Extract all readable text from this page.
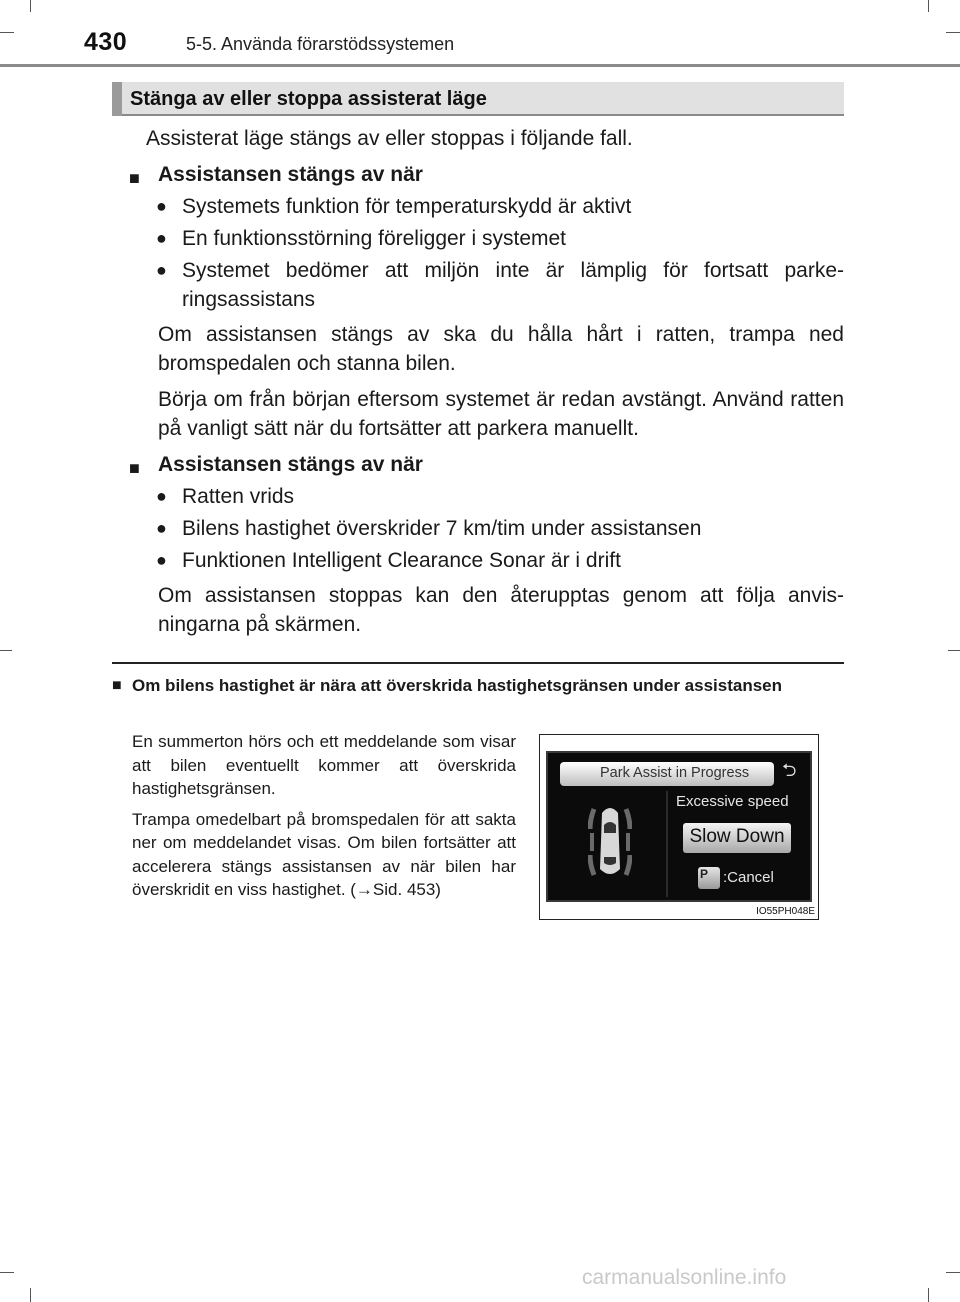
430	5-5. Använda förarstödssystemen
Stänga av eller stoppa assisterat läge

Assisterat läge stängs av eller stoppas i följande fall.

■ Assistansen stängs av när

● Systemets funktion för temperaturskydd är aktivt

● En funktionsstörning föreligger i systemet

● Systemet bedömer att miljön inte är lämplig för fortsatt parke-ringsassistans

Om assistansen stängs av ska du hålla hårt i ratten, trampa ned bromspedalen och stanna bilen.

Börja om från början eftersom systemet är redan avstängt. Använd ratten på vanligt sätt när du fortsätter att parkera manuellt.

■ Assistansen stängs av när

● Ratten vrids

● Bilens hastighet överskrider 7 km/tim under assistansen

● Funktionen Intelligent Clearance Sonar är i drift

Om assistansen stoppas kan den återupptas genom att följa anvis-ningarna på skärmen.

■ Om bilens hastighet är nära att överskrida hastighetsgränsen under assistansen

En summerton hörs och ett meddelande som visar att bilen eventuellt kommer att överskrida hastighetsgränsen.

Trampa omedelbart på bromspedalen för att sakta ner om meddelandet visas. Om bilen fortsätter att accelerera stängs assistansen av när bilen har överskridit en viss hastighet. (→Sid. 453)

Park Assist in Progress ⮌
Excessive speed
Slow Down
P :Cancel
IO55PH048E
carmanualsonline.info
